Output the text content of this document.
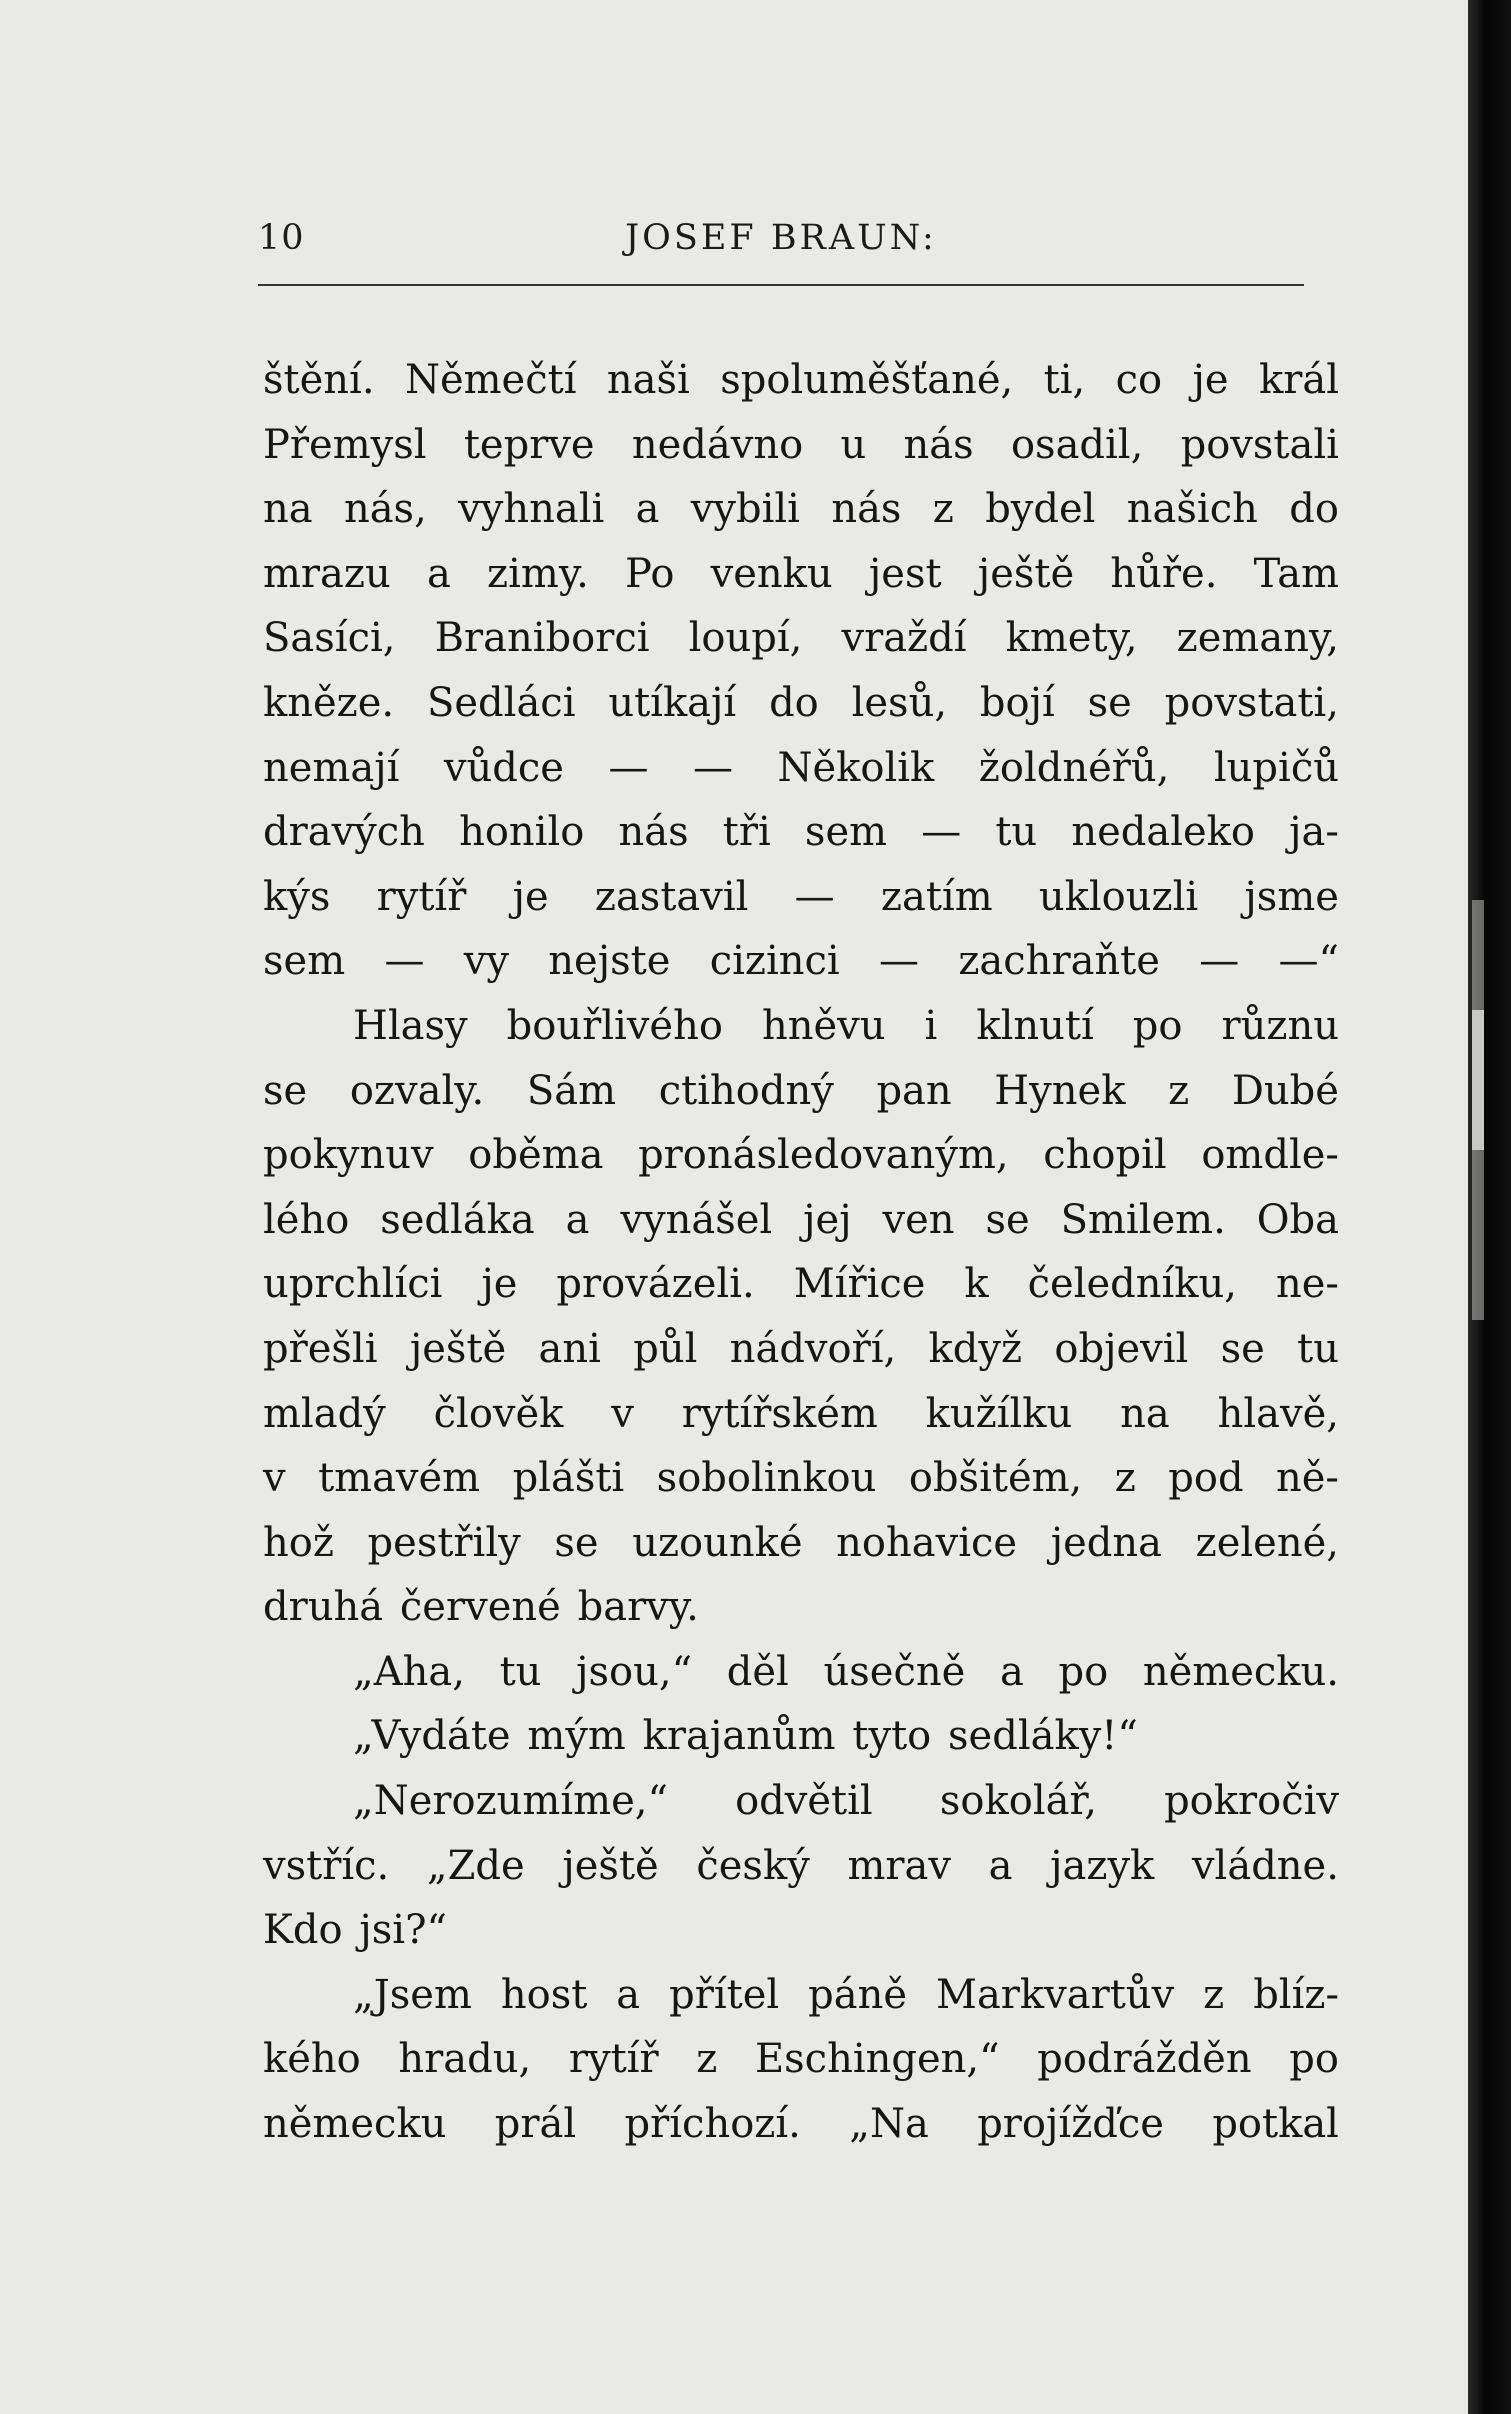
10	JOSEF BRAUN:
štění. Němečtí naši spoluměšťané, ti, co je král
Přemysl teprve nedávno u nás osadil, povstali
na nás, vyhnali a vybili nás z bydel našich do
mrazu a zimy. Po venku jest ještě hůře. Tam
Sasíci, Braniborci loupí, vraždí kmety, zemany,
kněze. Sedláci utíkají do lesů, bojí se povstati,
nemají vůdce — — Několik žoldnéřů, lupičů
dravých honilo nás tři sem — tu nedaleko ja-
kýs rytíř je zastavil — zatím uklouzli jsme
sem — vy nejste cizinci — zachraňte — —“
Hlasy bouřlivého hněvu i klnutí po různu
se ozvaly. Sám ctihodný pan Hynek z Dubé
pokynuv oběma pronásledovaným, chopil omdle-
lého sedláka a vynášel jej ven se Smilem. Oba
uprchlíci je provázeli. Mířice k čeledníku, ne-
přešli ještě ani půl nádvoří, když objevil se tu
mladý člověk v rytířském kužílku na hlavě,
v tmavém plášti sobolinkou obšitém, z pod ně-
hož pestřily se uzounké nohavice jedna zelené,
druhá červené barvy.
„Aha, tu jsou,“ děl úsečně a po německu.
„Vydáte mým krajanům tyto sedláky!“
„Nerozumíme,“ odvětil sokolář, pokročiv
vstříc. „Zde ještě český mrav a jazyk vládne.
Kdo jsi?“
„Jsem host a přítel páně Markvartův z blíz-
kého hradu, rytíř z Eschingen,“ podrážděn po
německu prál příchozí. „Na projížďce potkal
